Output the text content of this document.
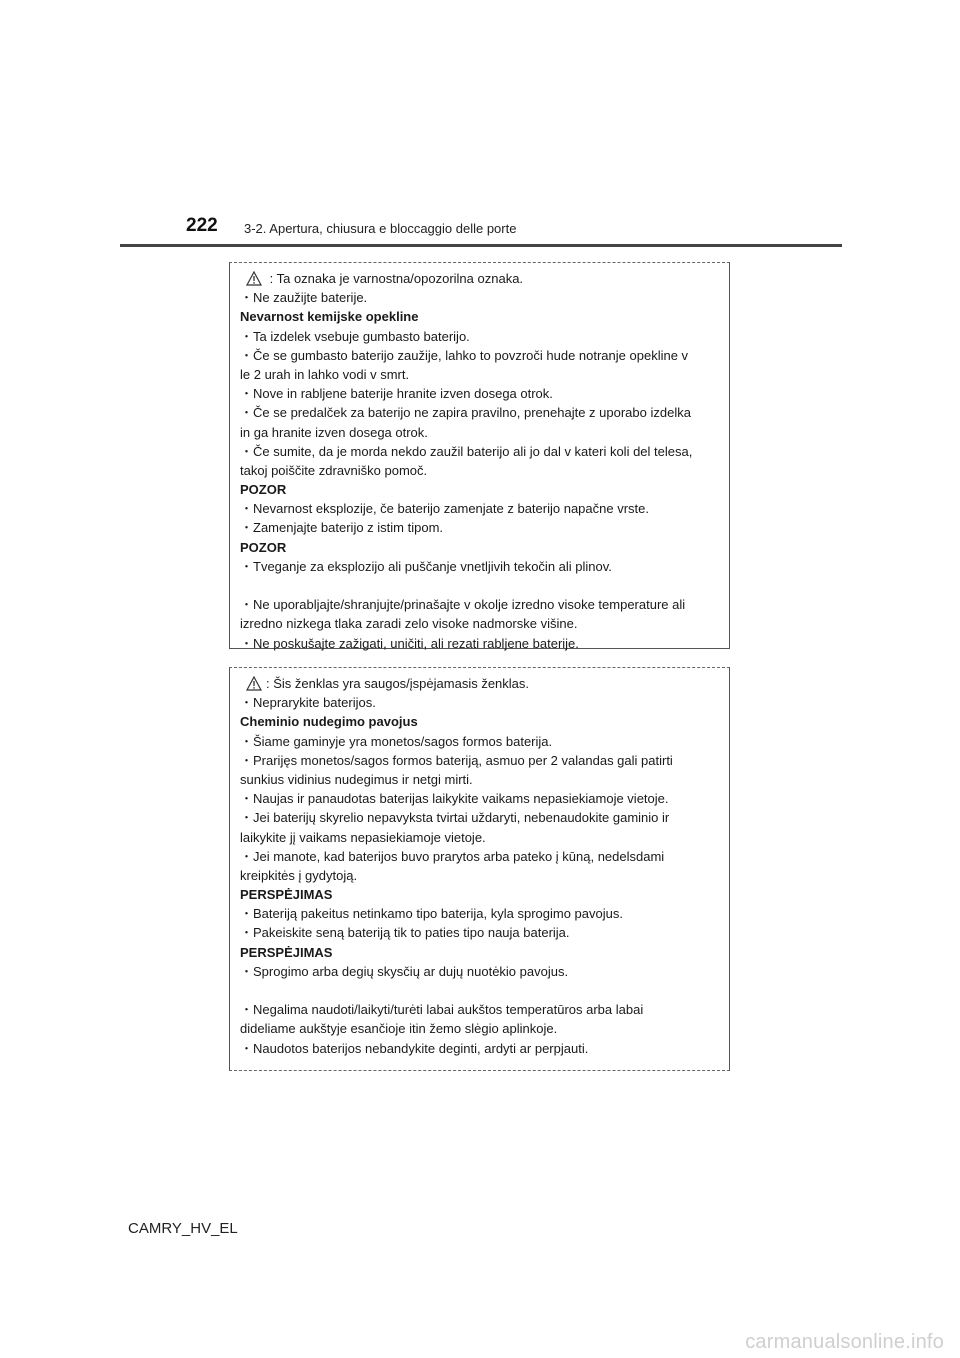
222 3-2. Apertura, chiusura e bloccaggio delle porte
: Ta oznaka je varnostna/opozorilna oznaka.
・Ne zaužijte baterije.
Nevarnost kemijske opekline
・Ta izdelek vsebuje gumbasto baterijo.
・Če se gumbasto baterijo zaužije, lahko to povzroči hude notranje opekline v
le 2 urah in lahko vodi v smrt.
・Nove in rabljene baterije hranite izven dosega otrok.
・Če se predalček za baterijo ne zapira pravilno, prenehajte z uporabo izdelka
in ga hranite izven dosega otrok.
・Če sumite, da je morda nekdo zaužil baterijo ali jo dal v kateri koli del telesa,
takoj poiščite zdravniško pomoč.
POZOR
・Nevarnost eksplozije, če baterijo zamenjate z baterijo napačne vrste.
・Zamenjajte baterijo z istim tipom.
POZOR
・Tveganje za eksplozijo ali puščanje vnetljivih tekočin ali plinov.
・Ne uporabljajte/shranjujte/prinašajte v okolje izredno visoke temperature ali
izredno nizkega tlaka zaradi zelo visoke nadmorske višine.
・Ne poskušajte zažigati, uničiti, ali rezati rabljene baterije.
: Šis ženklas yra saugos/įspėjamasis ženklas.
・Neprarykite baterijos.
Cheminio nudegimo pavojus
・Šiame gaminyje yra monetos/sagos formos baterija.
・Prarijęs monetos/sagos formos bateriją, asmuo per 2 valandas gali patirti
sunkius vidinius nudegimus ir netgi mirti.
・Naujas ir panaudotas baterijas laikykite vaikams nepasiekiamoje vietoje.
・Jei baterijų skyrelio nepavyksta tvirtai uždaryti, nebenaudokite gaminio ir
laikykite jį vaikams nepasiekiamoje vietoje.
・Jei manote, kad baterijos buvo prarytos arba pateko į kūną, nedelsdami
kreipkitės į gydytoją.
PERSPĖJIMAS
・Bateriją pakeitus netinkamo tipo baterija, kyla sprogimo pavojus.
・Pakeiskite seną bateriją tik to paties tipo nauja baterija.
PERSPĖJIMAS
・Sprogimo arba degių skysčių ar dujų nuotėkio pavojus.
・Negalima naudoti/laikyti/turėti labai aukštos temperatūros arba labai
dideliame aukštyje esančioje itin žemo slėgio aplinkoje.
・Naudotos baterijos nebandykite deginti, ardyti ar perpjauti.
CAMRY_HV_EL
carmanualsonline.info
